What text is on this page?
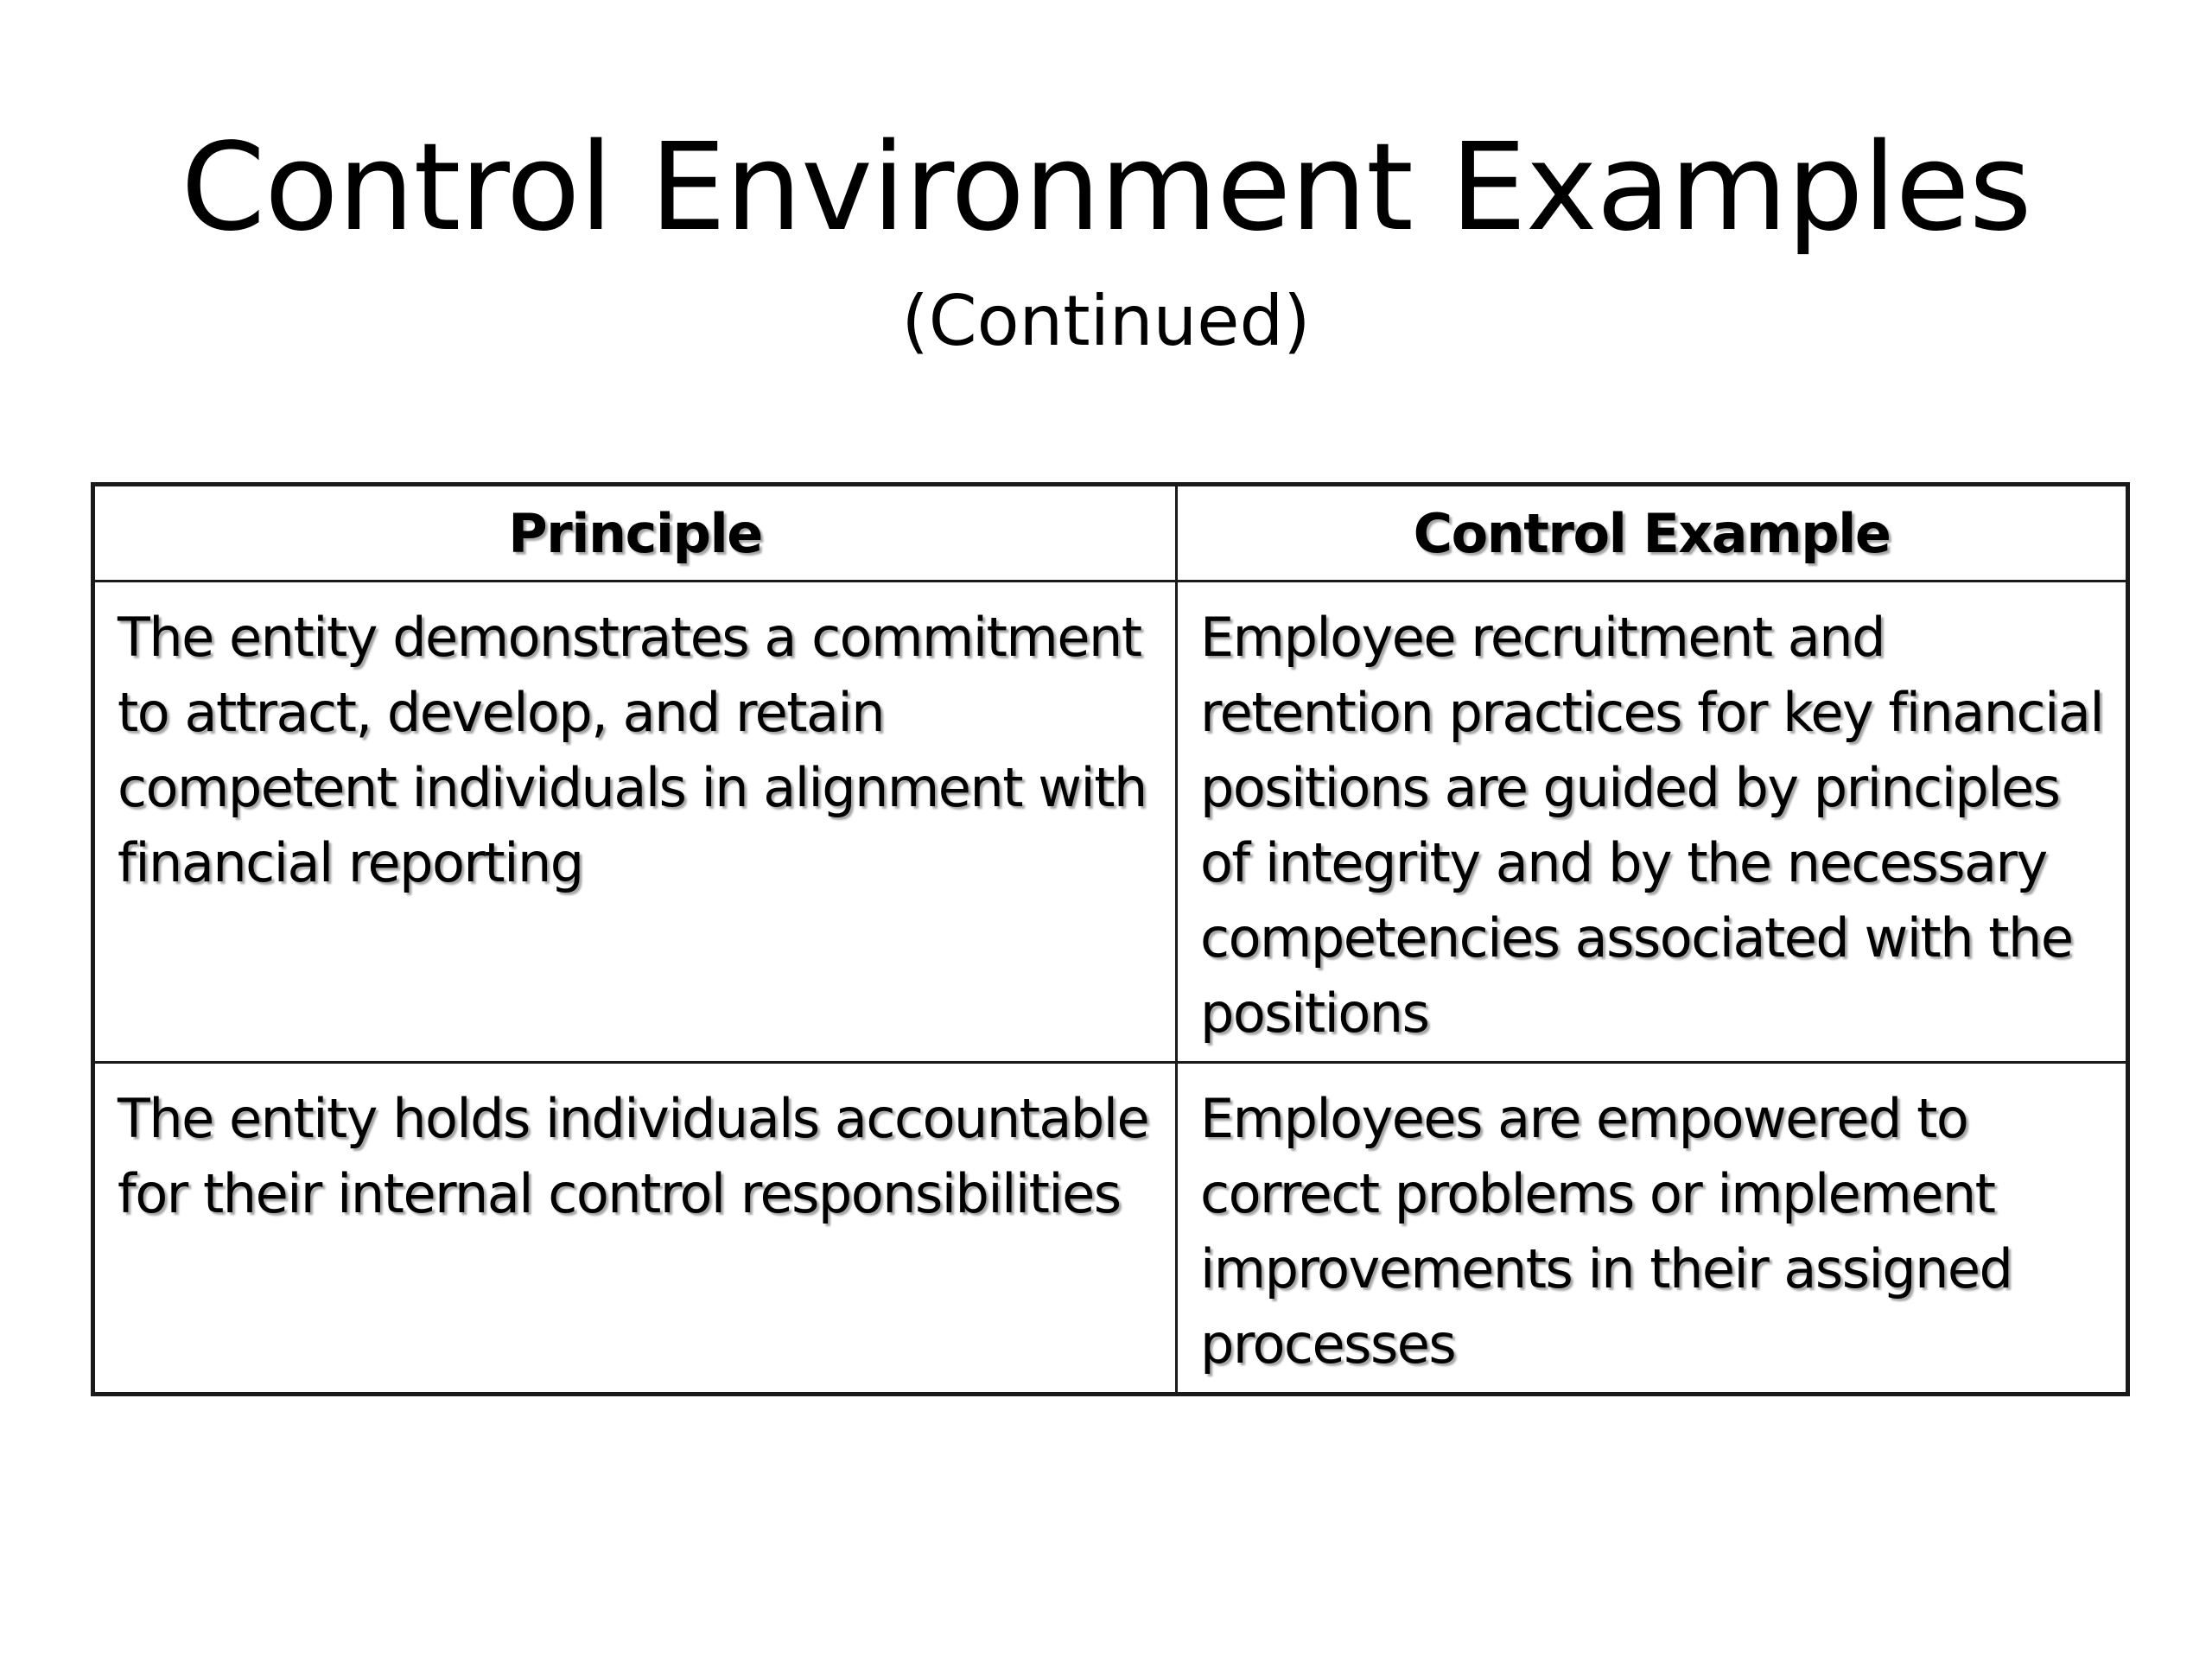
Control Environment Examples
(Continued)
Principle	Control Example
The entity demonstrates a commitment to attract, develop, and retain competent individuals in alignment with financial reporting	Employee recruitment and retention practices for key financial positions are guided by principles of integrity and by the necessary competencies associated with the positions
The entity holds individuals accountable for their internal control responsibilities	Employees are empowered to correct problems or implement improvements in their assigned processes
